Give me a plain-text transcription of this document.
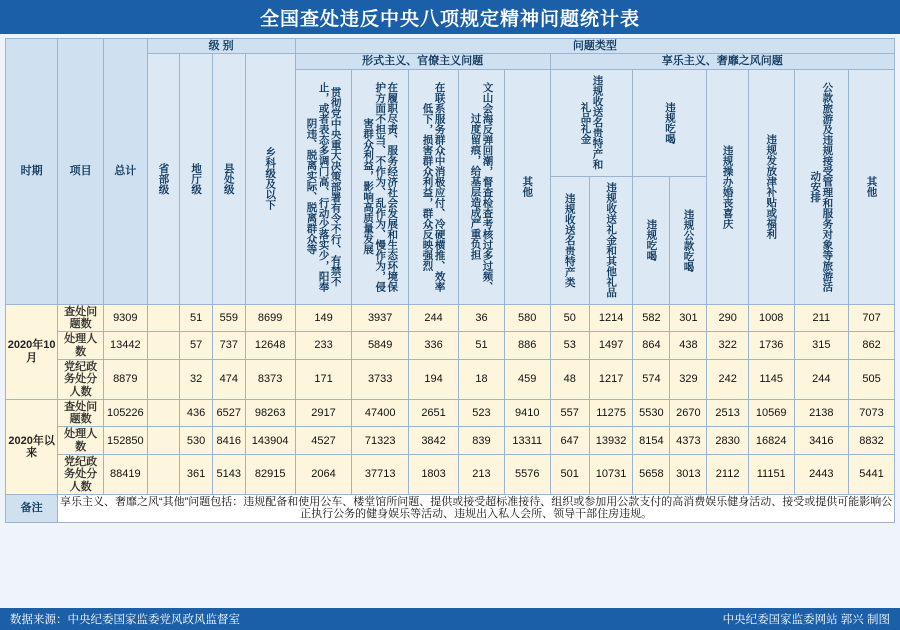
全国查处违反中央八项规定精神问题统计表
时期	项目	总计	级 别				问题类型												

			省部级	地厅级	县处级	乡科级及以下	形式主义、官僚主义问题					享乐主义、奢靡之风问题							

							贯彻党中央重大决策部署有令不行、有禁不止，或者表态多调门高、行动少落实少，阳奉阴违、脱离实际、脱离群众等	在履职尽责、服务经济社会发展和生态环境保护方面不担当、不作为、乱作为、慢作为，侵害群众利益，影响高质量发展	在联系服务群众中消极应付、冷硬横推、效率低下，损害群众利益，群众反映强烈	文山会海反弹回潮，督查检查考核过多过频、过度留痕，给基层造成严重负担	其他	违规收送名贵特产和礼品礼金		违规吃喝		违规操办婚丧喜庆	违规发放津补贴或福利	公款旅游及违规接受管理和服务对象等旅游活动安排	其他

												违规收送名贵特产类	违规收送礼金和其他礼品	违规吃喝	违规公款吃喝				

2020年10月	查处问题数	9309		51	559	8699	149	3937	244	36	580	50	1214	582	301	290	1008	211	707
	处理人数	13442		57	737	12648	233	5849	336	51	886	53	1497	864	438	322	1736	315	862
	党纪政务处分人数	8879		32	474	8373	171	3733	194	18	459	48	1217	574	329	242	1145	244	505
2020年以来	查处问题数	105226		436	6527	98263	2917	47400	2651	523	9410	557	11275	5530	2670	2513	10569	2138	7073
	处理人数	152850		530	8416	143904	4527	71323	3842	839	13311	647	13932	8154	4373	2830	16824	3416	8832
	党纪政务处分人数	88419		361	5143	82915	2064	37713	1803	213	5576	501	10731	5658	3013	2112	11151	2443	5441
备注	享乐主义、奢靡之风“其他”问题包括：违规配备和使用公车、楼堂馆所问题、提供或接受超标准接待、组织或参加用公款支付的高消费娱乐健身活动、接受或提供可能影响公正执行公务的健身娱乐等活动、违规出入私人会所、领导干部住房违规。																		
数据来源：中央纪委国家监委党风政风监督室	中央纪委国家监委网站 郭兴 制图
